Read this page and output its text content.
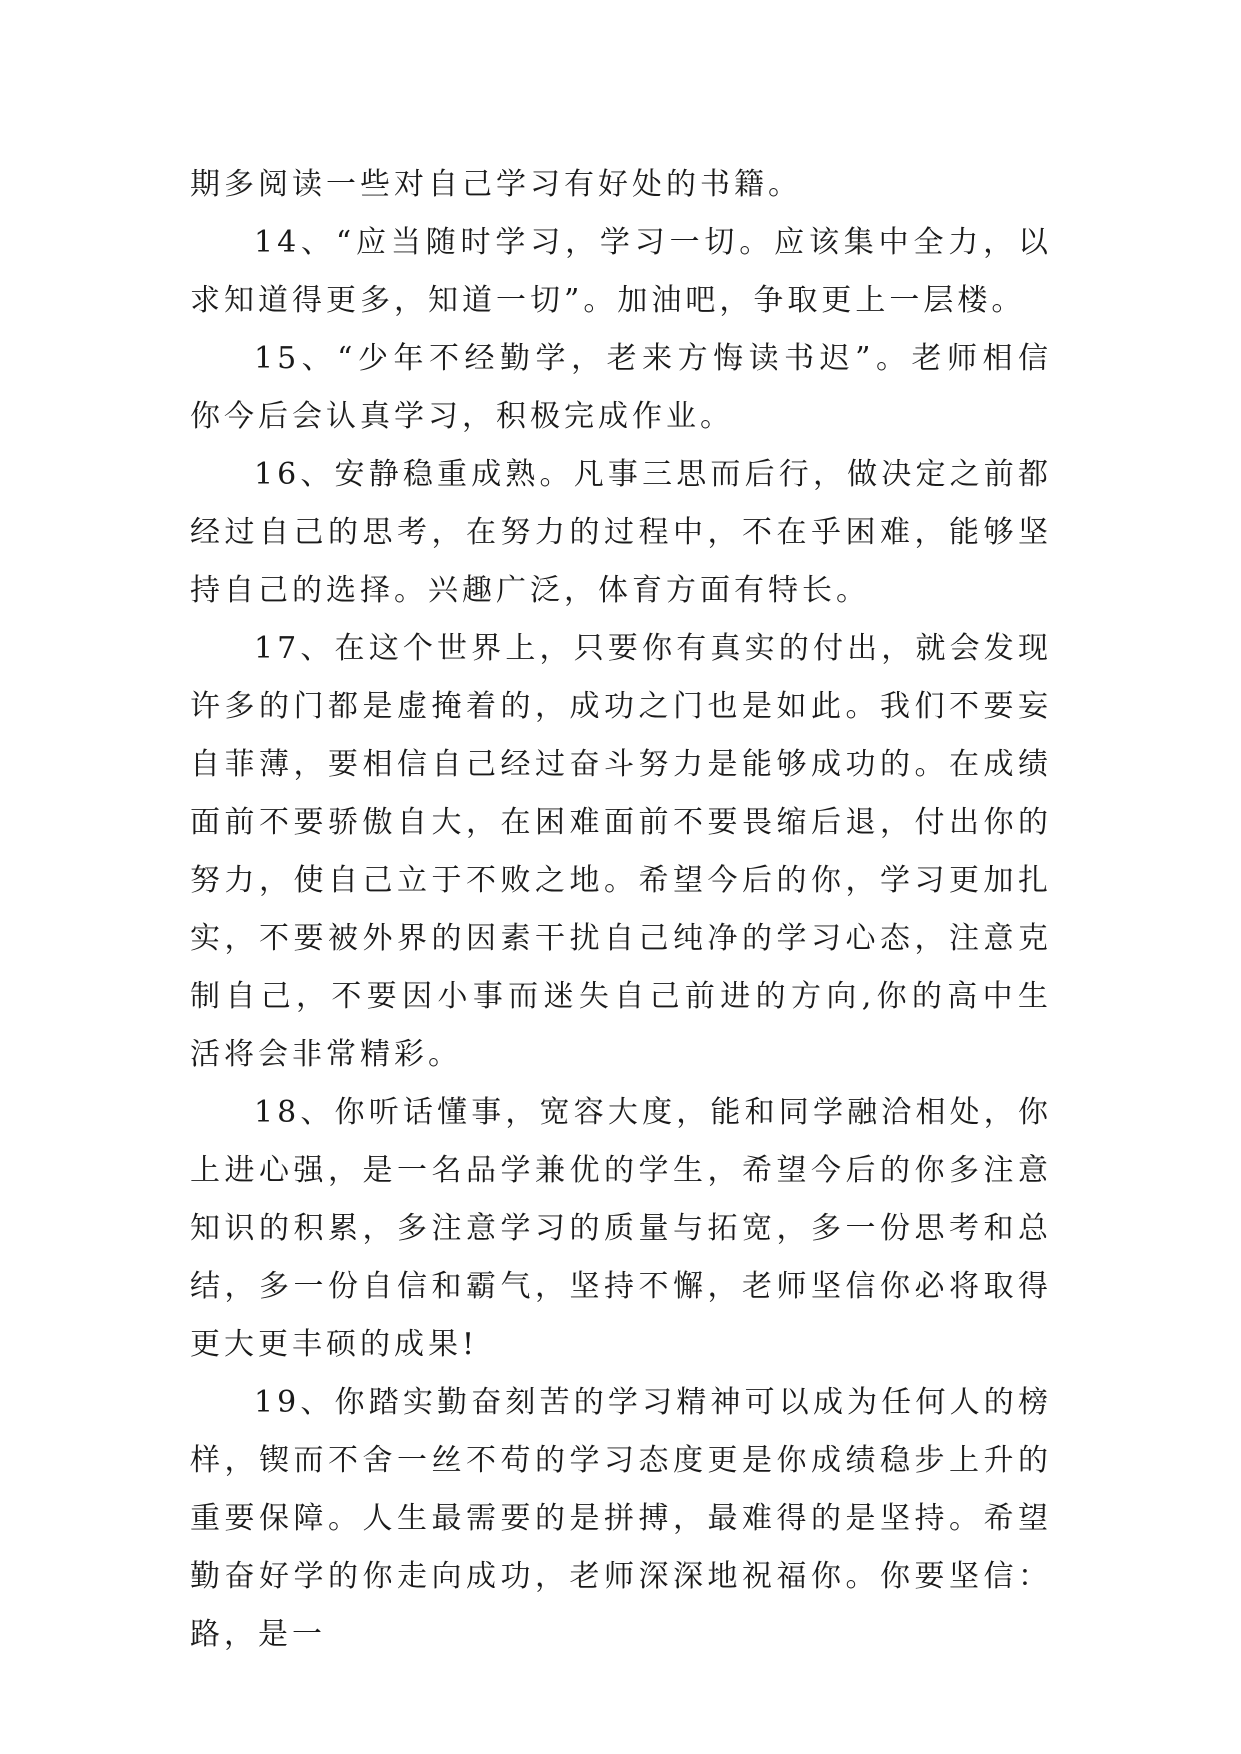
期多阅读一些对自己学习有好处的书籍。

14、“应当随时学习，学习一切。应该集中全力，以求知道得更多，知道一切”。加油吧，争取更上一层楼。

15、“少年不经勤学，老来方悔读书迟”。老师相信你今后会认真学习，积极完成作业。

16、安静稳重成熟。凡事三思而后行，做决定之前都经过自己的思考，在努力的过程中，不在乎困难，能够坚持自己的选择。兴趣广泛，体育方面有特长。

17、在这个世界上，只要你有真实的付出，就会发现许多的门都是虚掩着的，成功之门也是如此。我们不要妄自菲薄，要相信自己经过奋斗努力是能够成功的。在成绩面前不要骄傲自大，在困难面前不要畏缩后退，付出你的努力，使自己立于不败之地。希望今后的你，学习更加扎实，不要被外界的因素干扰自己纯净的学习心态，注意克制自己，不要因小事而迷失自己前进的方向,你的高中生活将会非常精彩。

18、你听话懂事，宽容大度，能和同学融洽相处，你上进心强，是一名品学兼优的学生，希望今后的你多注意知识的积累，多注意学习的质量与拓宽，多一份思考和总结，多一份自信和霸气，坚持不懈，老师坚信你必将取得更大更丰硕的成果!

19、你踏实勤奋刻苦的学习精神可以成为任何人的榜样，锲而不舍一丝不苟的学习态度更是你成绩稳步上升的重要保障。人生最需要的是拼搏，最难得的是坚持。希望勤奋好学的你走向成功，老师深深地祝福你。你要坚信：路，是一
